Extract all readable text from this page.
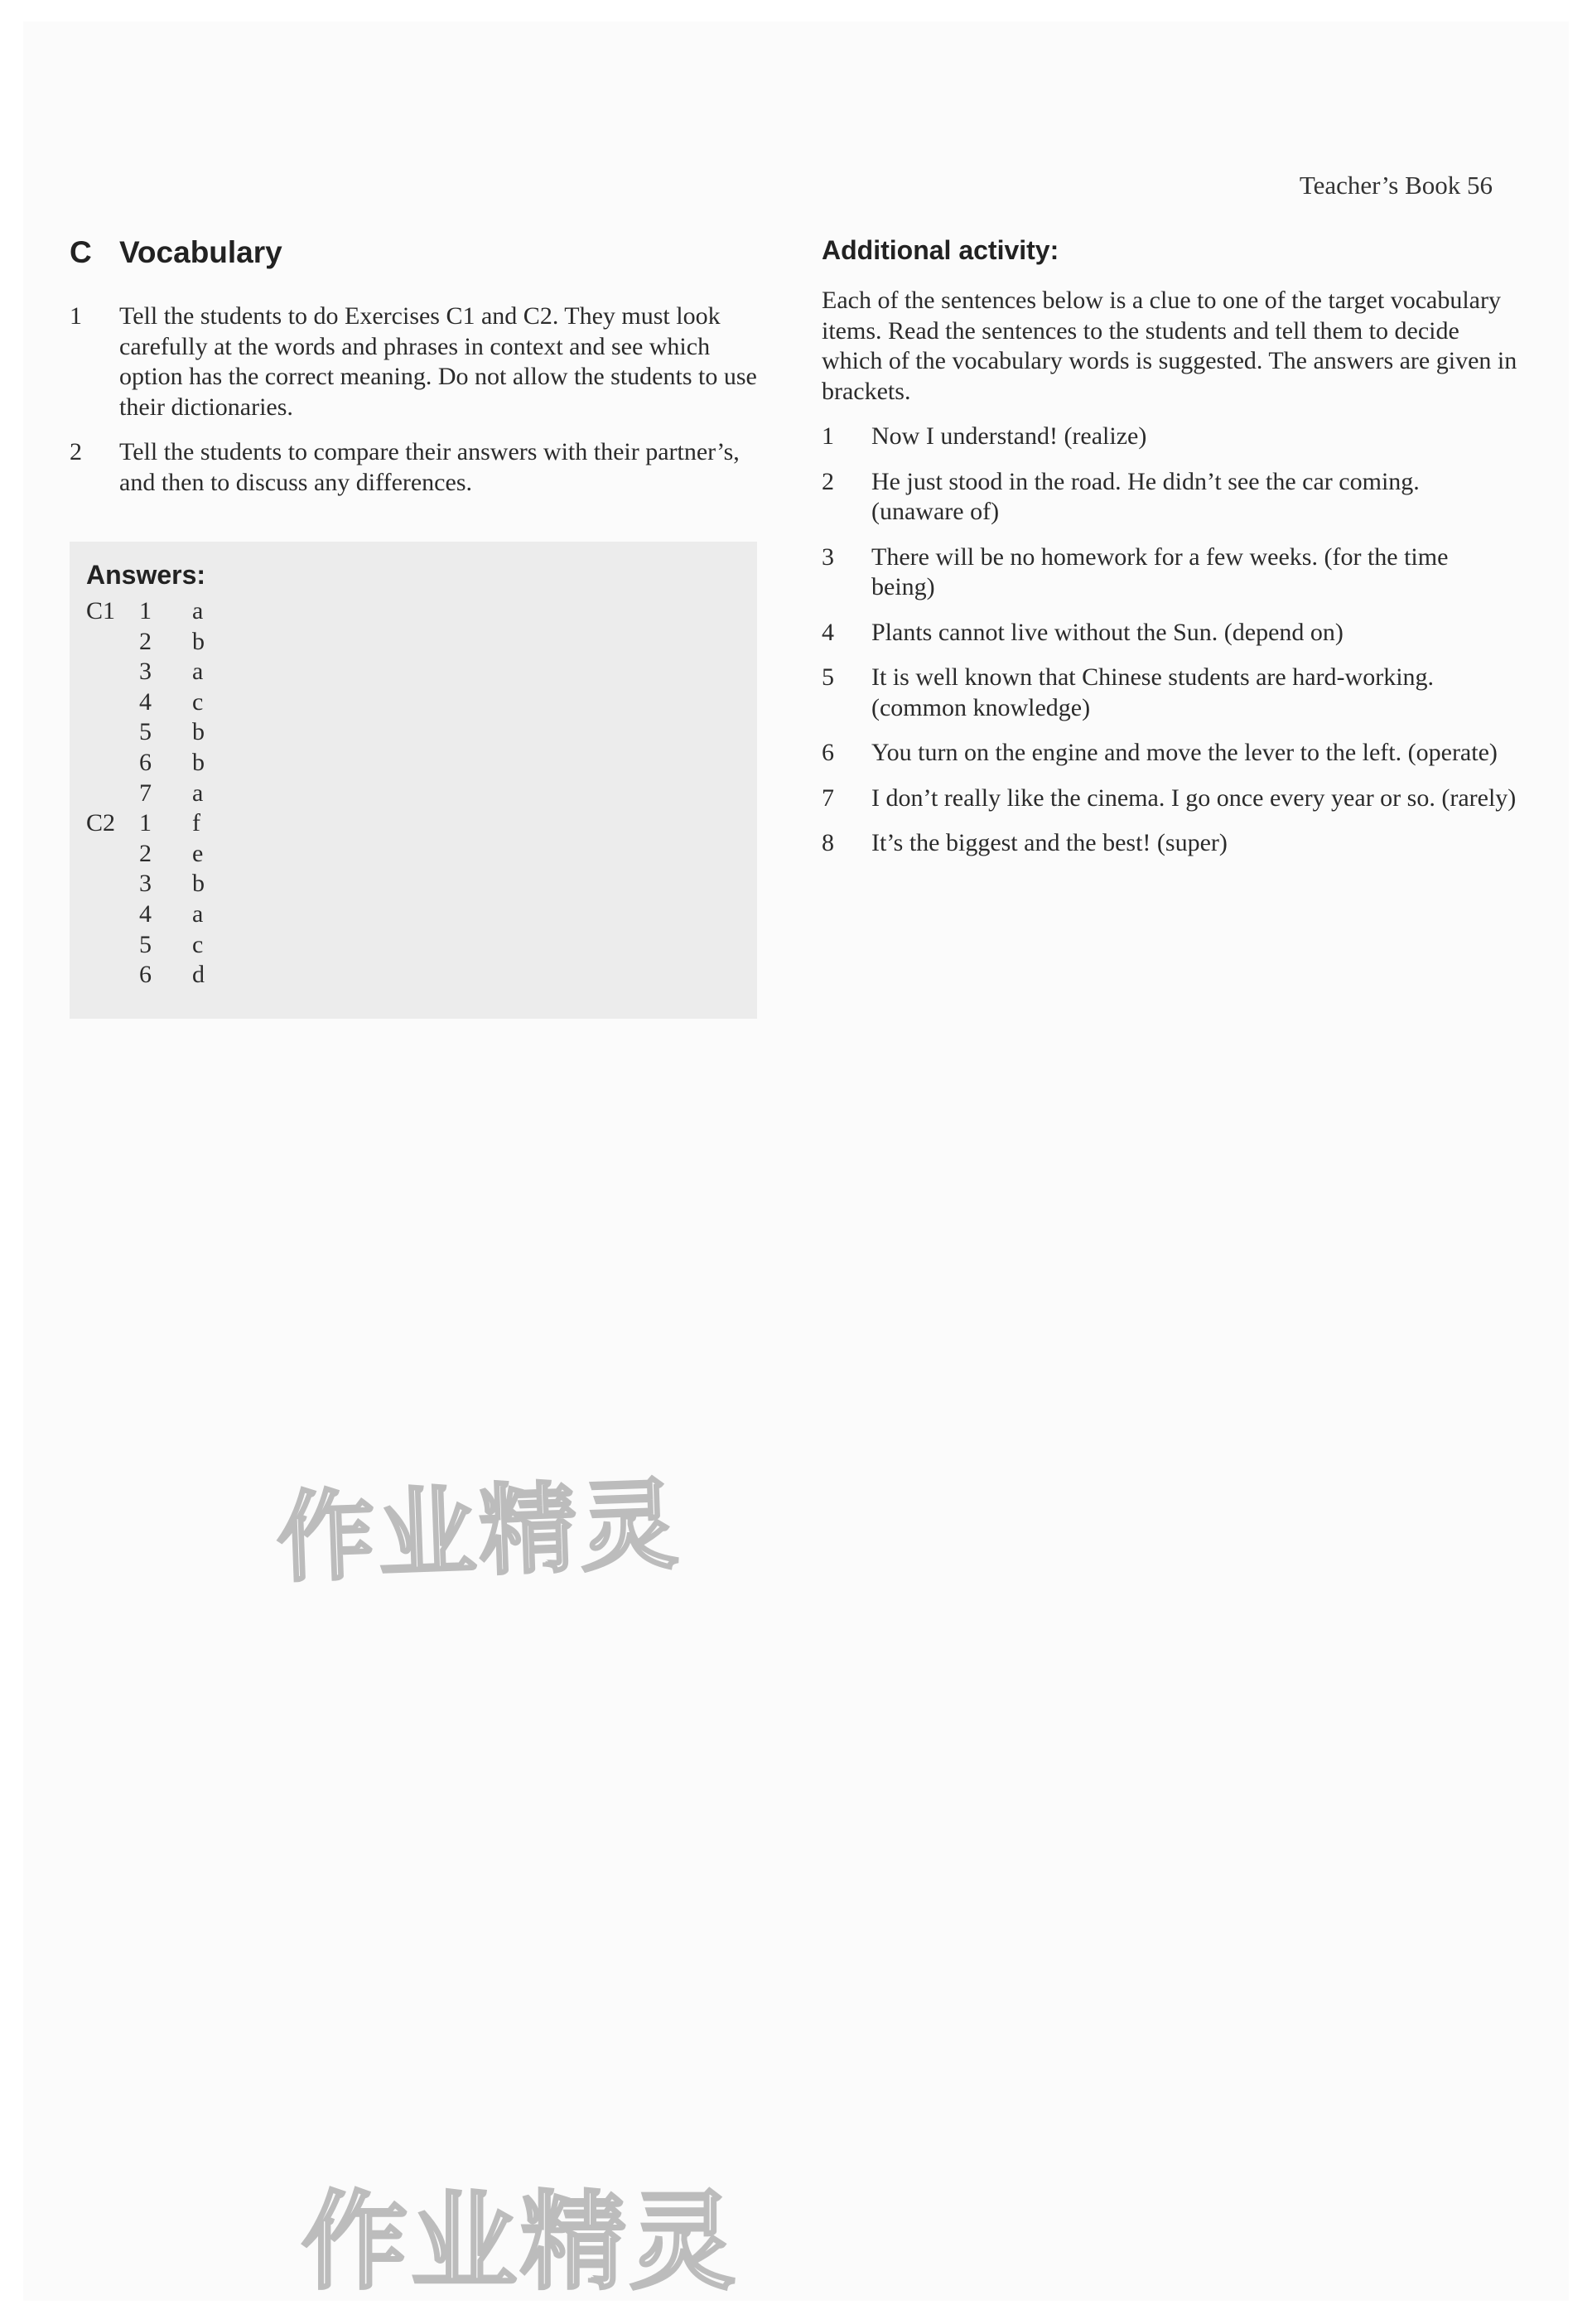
Teacher’s Book 56
C Vocabulary
1	Tell the students to do Exercises C1 and C2. They must look carefully at the words and phrases in context and see which option has the correct meaning. Do not allow the students to use their dictionaries.
2	Tell the students to compare their answers with their partner’s, and then to discuss any differences.
Answers:
C1 1 a
2 b
3 a
4 c
5 b
6 b
7 a
C2 1 f
2 e
3 b
4 a
5 c
6 d
Additional activity:
Each of the sentences below is a clue to one of the target vocabulary items. Read the sentences to the students and tell them to decide which of the vocabulary words is suggested. The answers are given in brackets.
1	Now I understand! (realize)
2	He just stood in the road. He didn’t see the car coming. (unaware of)
3	There will be no homework for a few weeks. (for the time being)
4	Plants cannot live without the Sun. (depend on)
5	It is well known that Chinese students are hard-working. (common knowledge)
6	You turn on the engine and move the lever to the left. (operate)
7	I don’t really like the cinema. I go once every year or so. (rarely)
8	It’s the biggest and the best! (super)
作业精灵
作业精灵
